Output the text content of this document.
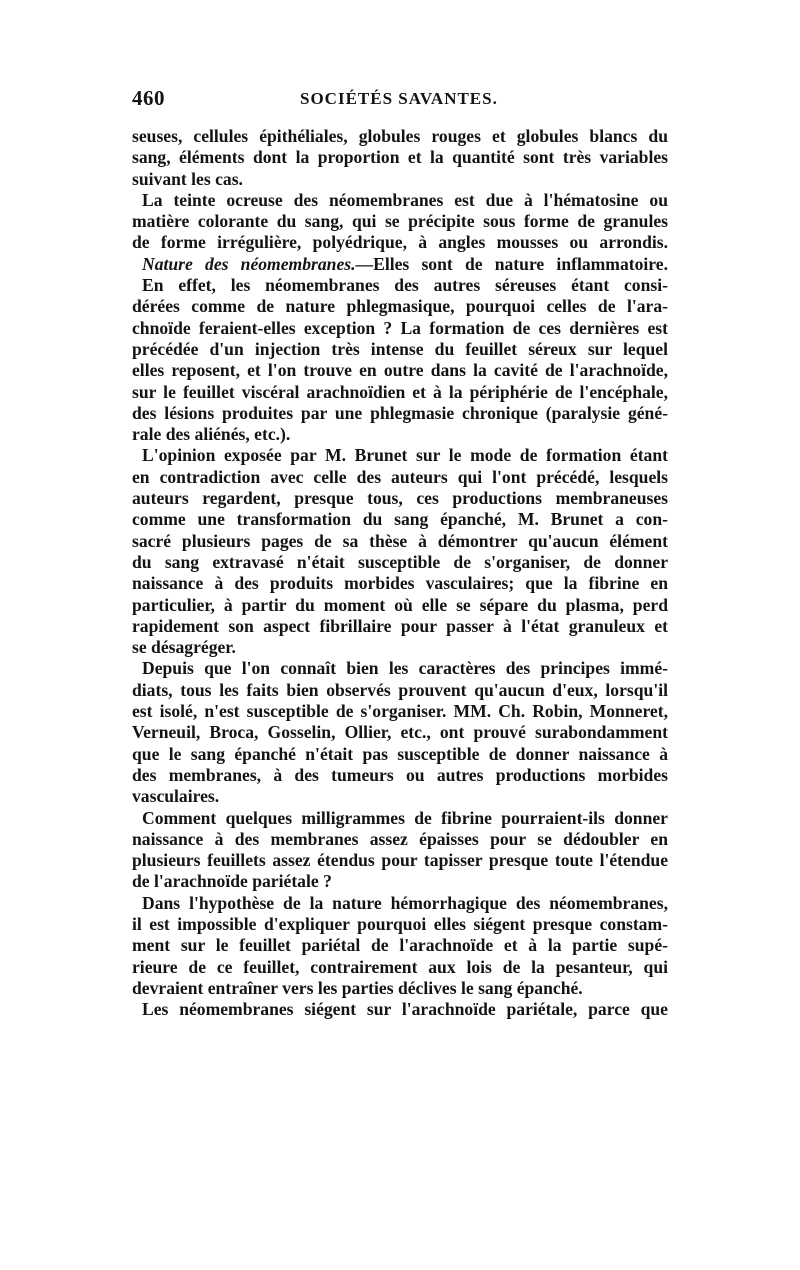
460	SOCIÉTÉS SAVANTES.
seuses, cellules épithéliales, globules rouges et globules blancs du
sang, éléments dont la proportion et la quantité sont très variables
suivant les cas.
La teinte ocreuse des néomembranes est due à l'hématosine ou
matière colorante du sang, qui se précipite sous forme de granules
de forme irrégulière, polyédrique, à angles mousses ou arrondis.
Nature des néomembranes.—Elles sont de nature inflammatoire.
En effet, les néomembranes des autres séreuses étant consi-
dérées comme de nature phlegmasique, pourquoi celles de l'ara-
chnoïde feraient-elles exception ? La formation de ces dernières est
précédée d'un injection très intense du feuillet séreux sur lequel
elles reposent, et l'on trouve en outre dans la cavité de l'arachnoïde,
sur le feuillet viscéral arachnoïdien et à la périphérie de l'encéphale,
des lésions produites par une phlegmasie chronique (paralysie géné-
rale des aliénés, etc.).
L'opinion exposée par M. Brunet sur le mode de formation étant
en contradiction avec celle des auteurs qui l'ont précédé, lesquels
auteurs regardent, presque tous, ces productions membraneuses
comme une transformation du sang épanché, M. Brunet a con-
sacré plusieurs pages de sa thèse à démontrer qu'aucun élément
du sang extravasé n'était susceptible de s'organiser, de donner
naissance à des produits morbides vasculaires; que la fibrine en
particulier, à partir du moment où elle se sépare du plasma, perd
rapidement son aspect fibrillaire pour passer à l'état granuleux et
se désagréger.
Depuis que l'on connaît bien les caractères des principes immé-
diats, tous les faits bien observés prouvent qu'aucun d'eux, lorsqu'il
est isolé, n'est susceptible de s'organiser. MM. Ch. Robin, Monneret,
Verneuil, Broca, Gosselin, Ollier, etc., ont prouvé surabondamment
que le sang épanché n'était pas susceptible de donner naissance à
des membranes, à des tumeurs ou autres productions morbides
vasculaires.
Comment quelques milligrammes de fibrine pourraient-ils donner
naissance à des membranes assez épaisses pour se dédoubler en
plusieurs feuillets assez étendus pour tapisser presque toute l'étendue
de l'arachnoïde pariétale ?
Dans l'hypothèse de la nature hémorrhagique des néomembranes,
il est impossible d'expliquer pourquoi elles siégent presque constam-
ment sur le feuillet pariétal de l'arachnoïde et à la partie supé-
rieure de ce feuillet, contrairement aux lois de la pesanteur, qui
devraient entraîner vers les parties déclives le sang épanché.
Les néomembranes siégent sur l'arachnoïde pariétale, parce que
